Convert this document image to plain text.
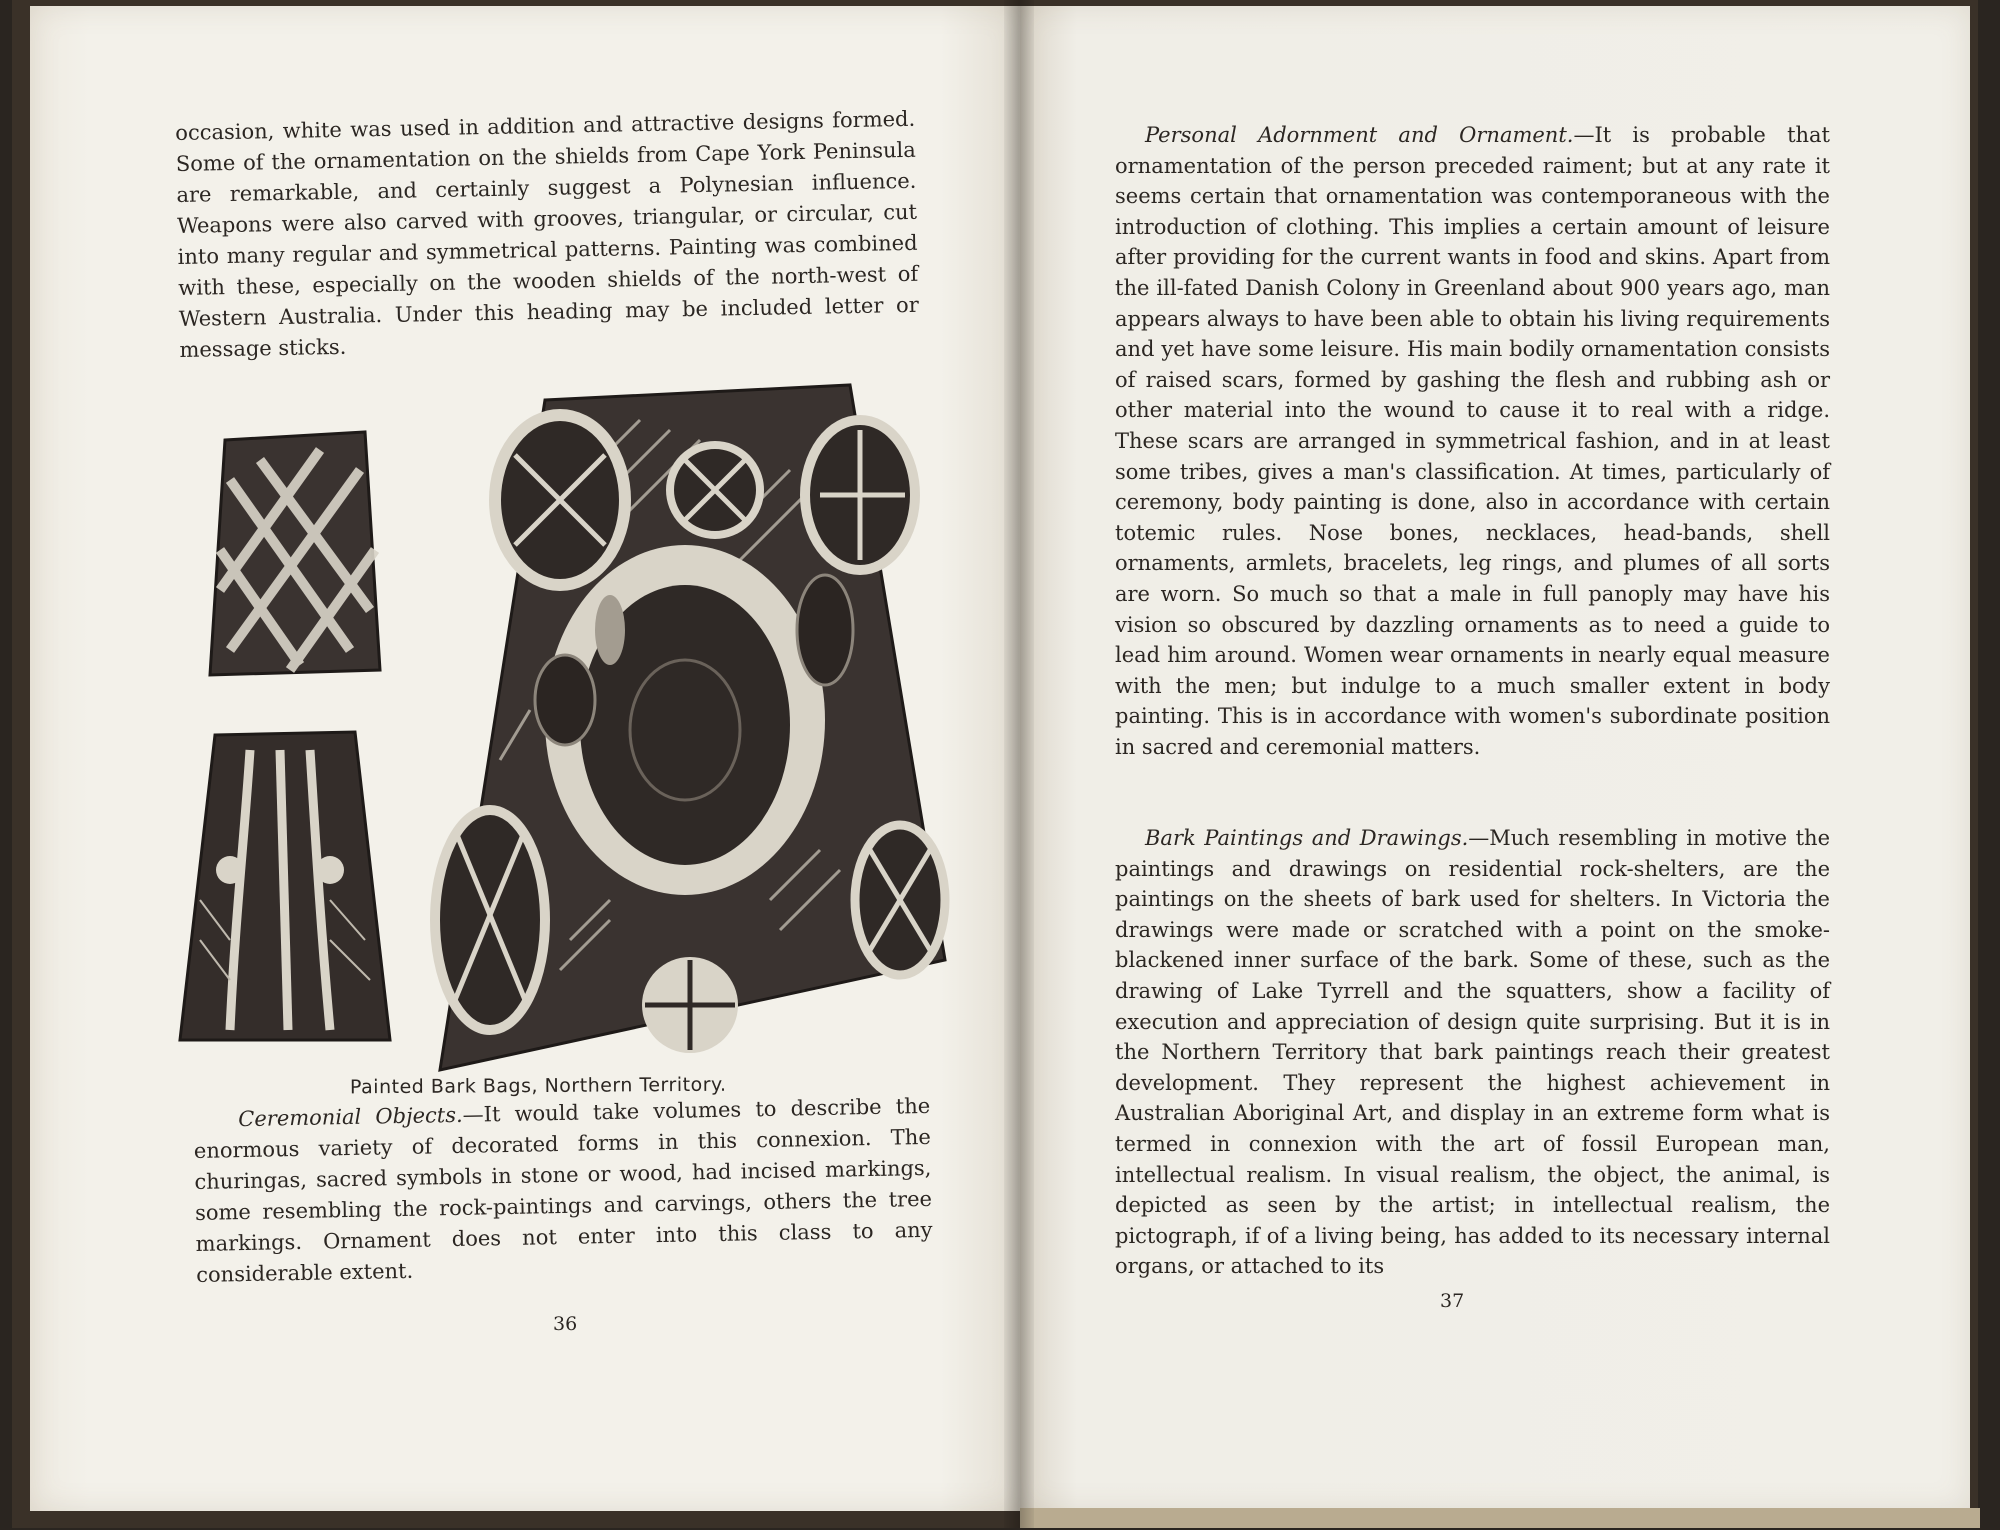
occasion, white was used in addition and attractive designs formed. Some of the ornamentation on the shields from Cape York Peninsula are remarkable, and certainly suggest a Polynesian influence. Weapons were also carved with grooves, triangular, or circular, cut into many regular and symmetrical patterns. Painting was combined with these, especially on the wooden shields of the north-west of Western Australia. Under this heading may be included letter or message sticks.

Painted Bark Bags, Northern Territory.

Ceremonial Objects.—It would take volumes to describe the enormous variety of decorated forms in this connexion. The churingas, sacred symbols in stone or wood, had incised markings, some resembling the rock-paintings and carvings, others the tree markings. Ornament does not enter into this class to any considerable extent.

36

Personal Adornment and Ornament.—It is probable that ornamentation of the person preceded raiment; but at any rate it seems certain that ornamentation was contemporaneous with the introduction of clothing. This implies a certain amount of leisure after providing for the current wants in food and skins. Apart from the ill-fated Danish Colony in Greenland about 900 years ago, man appears always to have been able to obtain his living requirements and yet have some leisure. His main bodily ornamentation consists of raised scars, formed by gashing the flesh and rubbing ash or other material into the wound to cause it to real with a ridge. These scars are arranged in symmetrical fashion, and in at least some tribes, gives a man's classification. At times, particularly of ceremony, body painting is done, also in accordance with certain totemic rules. Nose bones, necklaces, head-bands, shell ornaments, armlets, bracelets, leg rings, and plumes of all sorts are worn. So much so that a male in full panoply may have his vision so obscured by dazzling ornaments as to need a guide to lead him around. Women wear ornaments in nearly equal measure with the men; but indulge to a much smaller extent in body painting. This is in accordance with women's subordinate position in sacred and ceremonial matters.

Bark Paintings and Drawings.—Much resembling in motive the paintings and drawings on residential rock-shelters, are the paintings on the sheets of bark used for shelters. In Victoria the drawings were made or scratched with a point on the smoke-blackened inner surface of the bark. Some of these, such as the drawing of Lake Tyrrell and the squatters, show a facility of execution and appreciation of design quite surprising. But it is in the Northern Territory that bark paintings reach their greatest development. They represent the highest achievement in Australian Aboriginal Art, and display in an extreme form what is termed in connexion with the art of fossil European man, intellectual realism. In visual realism, the object, the animal, is depicted as seen by the artist; in intellectual realism, the pictograph, if of a living being, has added to its necessary internal organs, or attached to its

37
